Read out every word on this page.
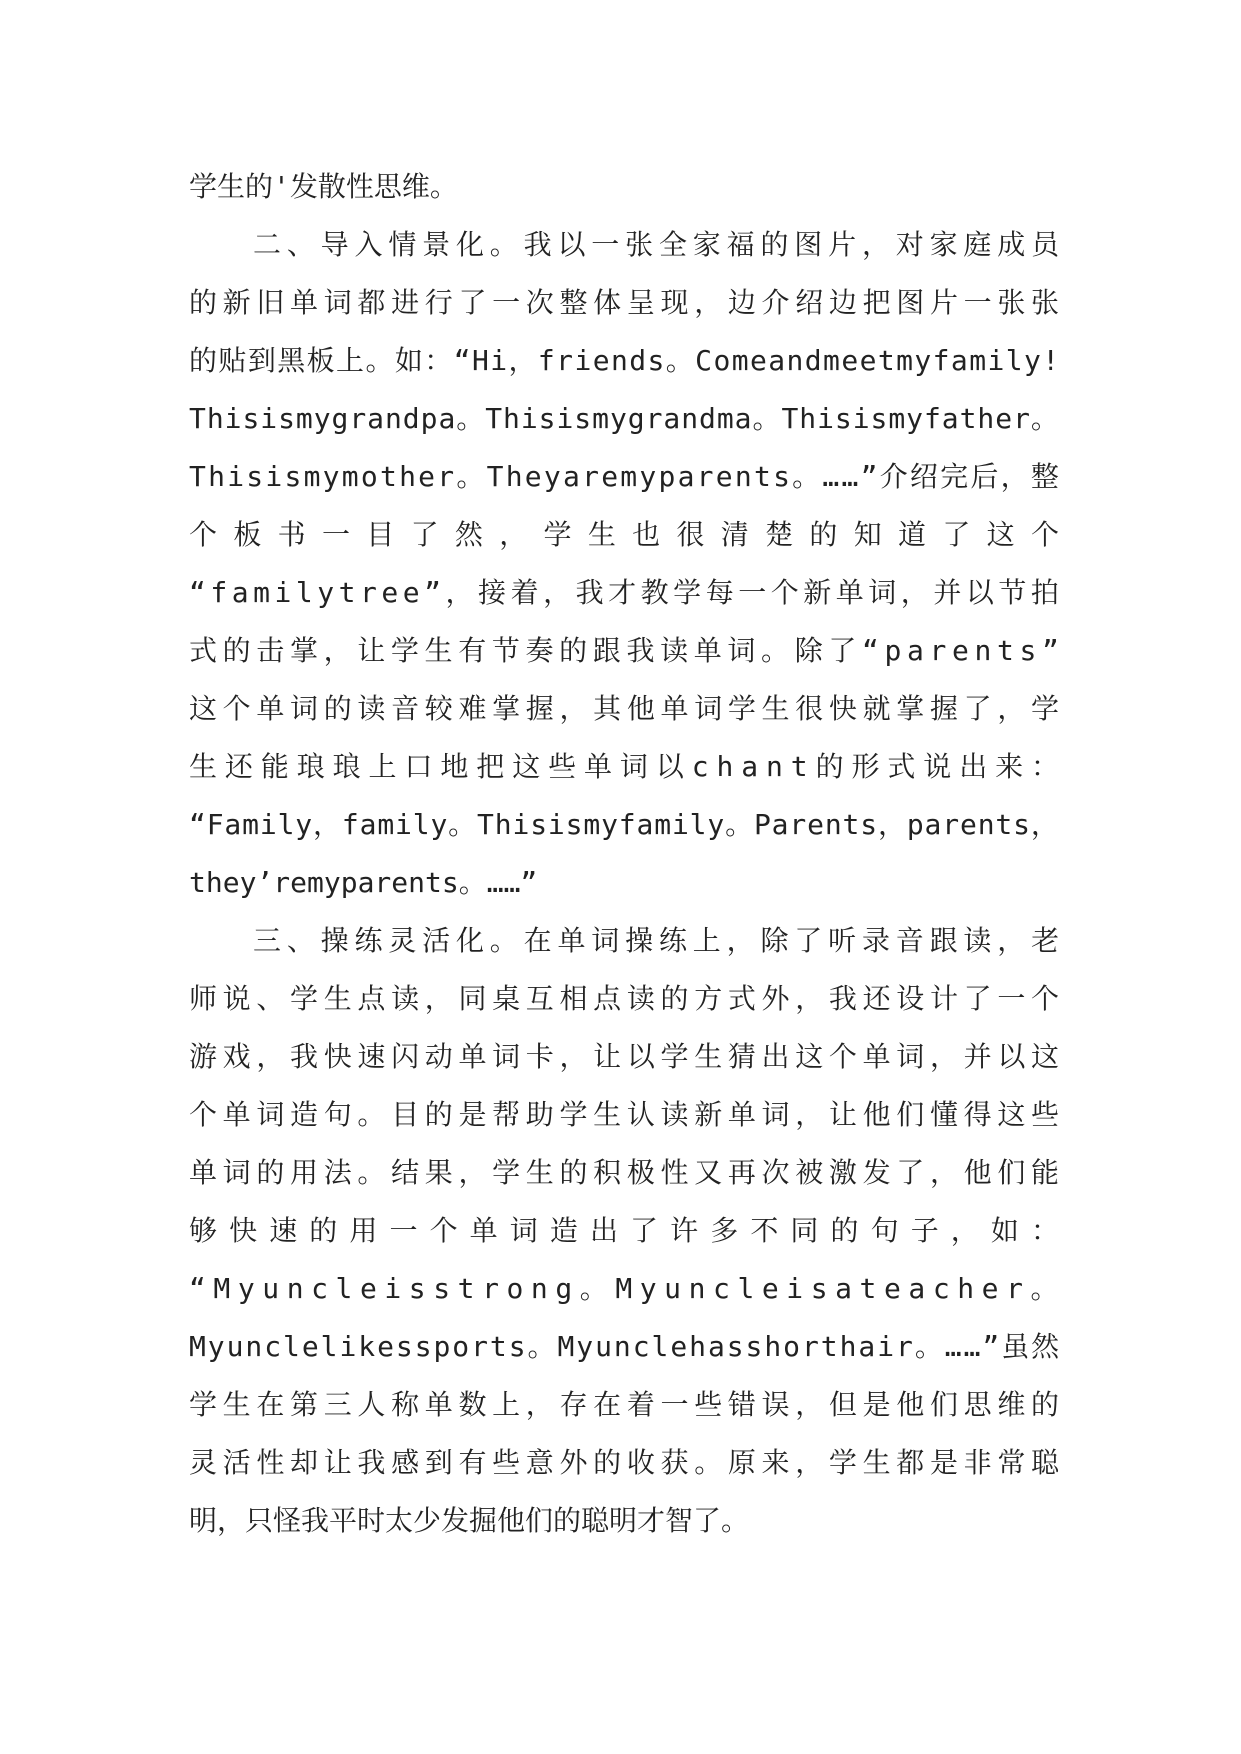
学生的'发散性思维。
二、导入情景化。我以一张全家福的图片，对家庭成员
的新旧单词都进行了一次整体呈现，边介绍边把图片一张张
的贴到黑板上。如：“Hi，friends。Comeandmeetmyfamily!
Thisismygrandpa。Thisismygrandma。Thisismyfather。
Thisismymother。Theyaremyparents。……”介绍完后，整
个 板 书 一 目 了 然 ， 学 生 也 很 清 楚 的 知 道 了 这 个
“familytree”，接着，我才教学每一个新单词，并以节拍
式的击掌，让学生有节奏的跟我读单词。除了“parents”
这个单词的读音较难掌握，其他单词学生很快就掌握了，学
生还能琅琅上口地把这些单词以chant的形式说出来：
“Family，family。Thisismyfamily。Parents，parents，
they’remyparents。……”
三、操练灵活化。在单词操练上，除了听录音跟读，老
师说、学生点读，同桌互相点读的方式外，我还设计了一个
游戏，我快速闪动单词卡，让以学生猜出这个单词，并以这
个单词造句。目的是帮助学生认读新单词，让他们懂得这些
单词的用法。结果，学生的积极性又再次被激发了，他们能
够 快 速 的 用 一 个 单 词 造 出 了 许 多 不 同 的 句 子 ， 如 ：
“ M y u n c l e i s s t r o n g 。 M y u n c l e i s a t e a c h e r 。
Myunclelikessports。Myunclehasshorthair。……”虽然
学生在第三人称单数上，存在着一些错误，但是他们思维的
灵活性却让我感到有些意外的收获。原来，学生都是非常聪
明，只怪我平时太少发掘他们的聪明才智了。
